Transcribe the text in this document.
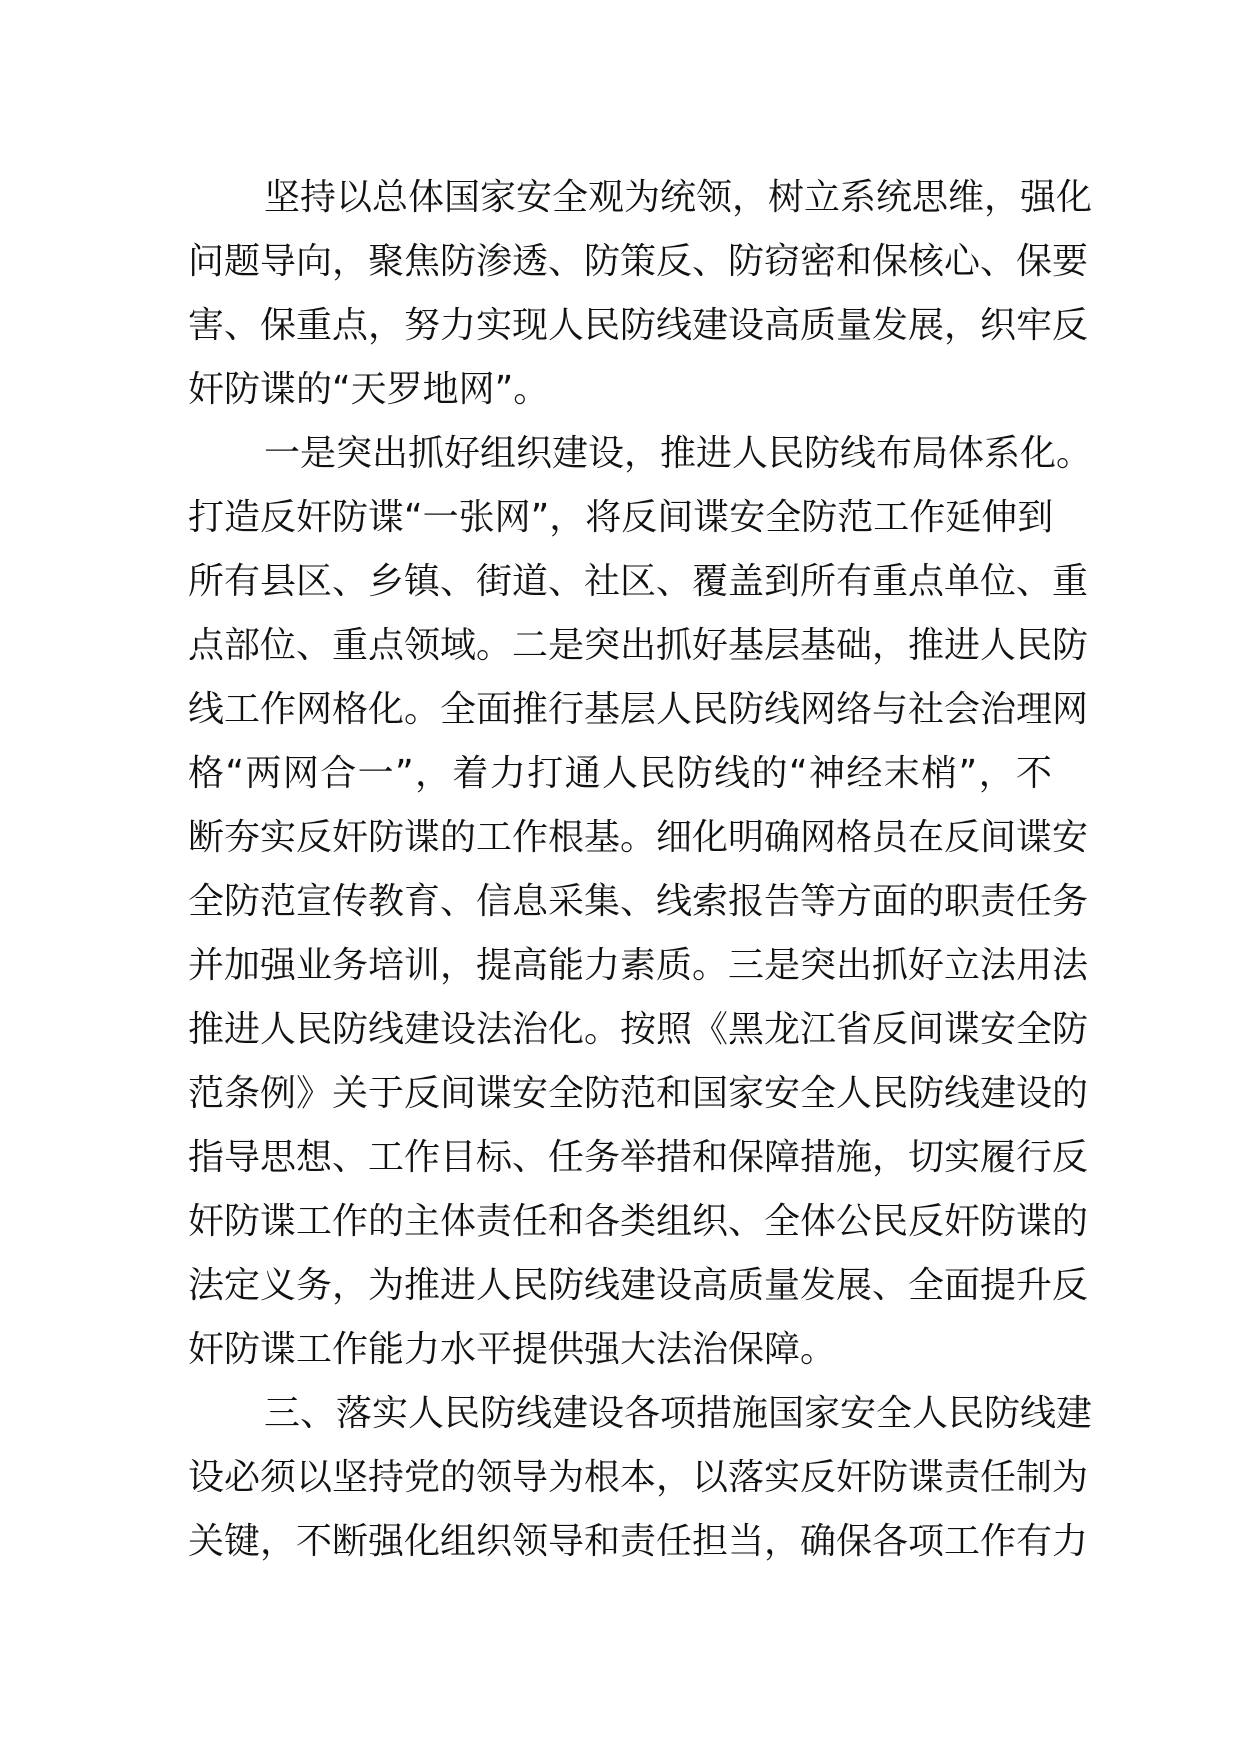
坚持以总体国家安全观为统领，树立系统思维，强化
问题导向，聚焦防渗透、防策反、防窃密和保核心、保要
害、保重点，努力实现人民防线建设高质量发展，织牢反
奸防谍的“天罗地网”。
一是突出抓好组织建设，推进人民防线布局体系化。
打造反奸防谍“一张网”，将反间谍安全防范工作延伸到
所有县区、乡镇、街道、社区、覆盖到所有重点单位、重
点部位、重点领域。二是突出抓好基层基础，推进人民防
线工作网格化。全面推行基层人民防线网络与社会治理网
格“两网合一”，着力打通人民防线的“神经末梢”，不
断夯实反奸防谍的工作根基。细化明确网格员在反间谍安
全防范宣传教育、信息采集、线索报告等方面的职责任务
并加强业务培训，提高能力素质。三是突出抓好立法用法
推进人民防线建设法治化。按照《黑龙江省反间谍安全防
范条例》关于反间谍安全防范和国家安全人民防线建设的
指导思想、工作目标、任务举措和保障措施，切实履行反
奸防谍工作的主体责任和各类组织、全体公民反奸防谍的
法定义务，为推进人民防线建设高质量发展、全面提升反
奸防谍工作能力水平提供强大法治保障。
三、落实人民防线建设各项措施国家安全人民防线建
设必须以坚持党的领导为根本，以落实反奸防谍责任制为
关键，不断强化组织领导和责任担当，确保各项工作有力
